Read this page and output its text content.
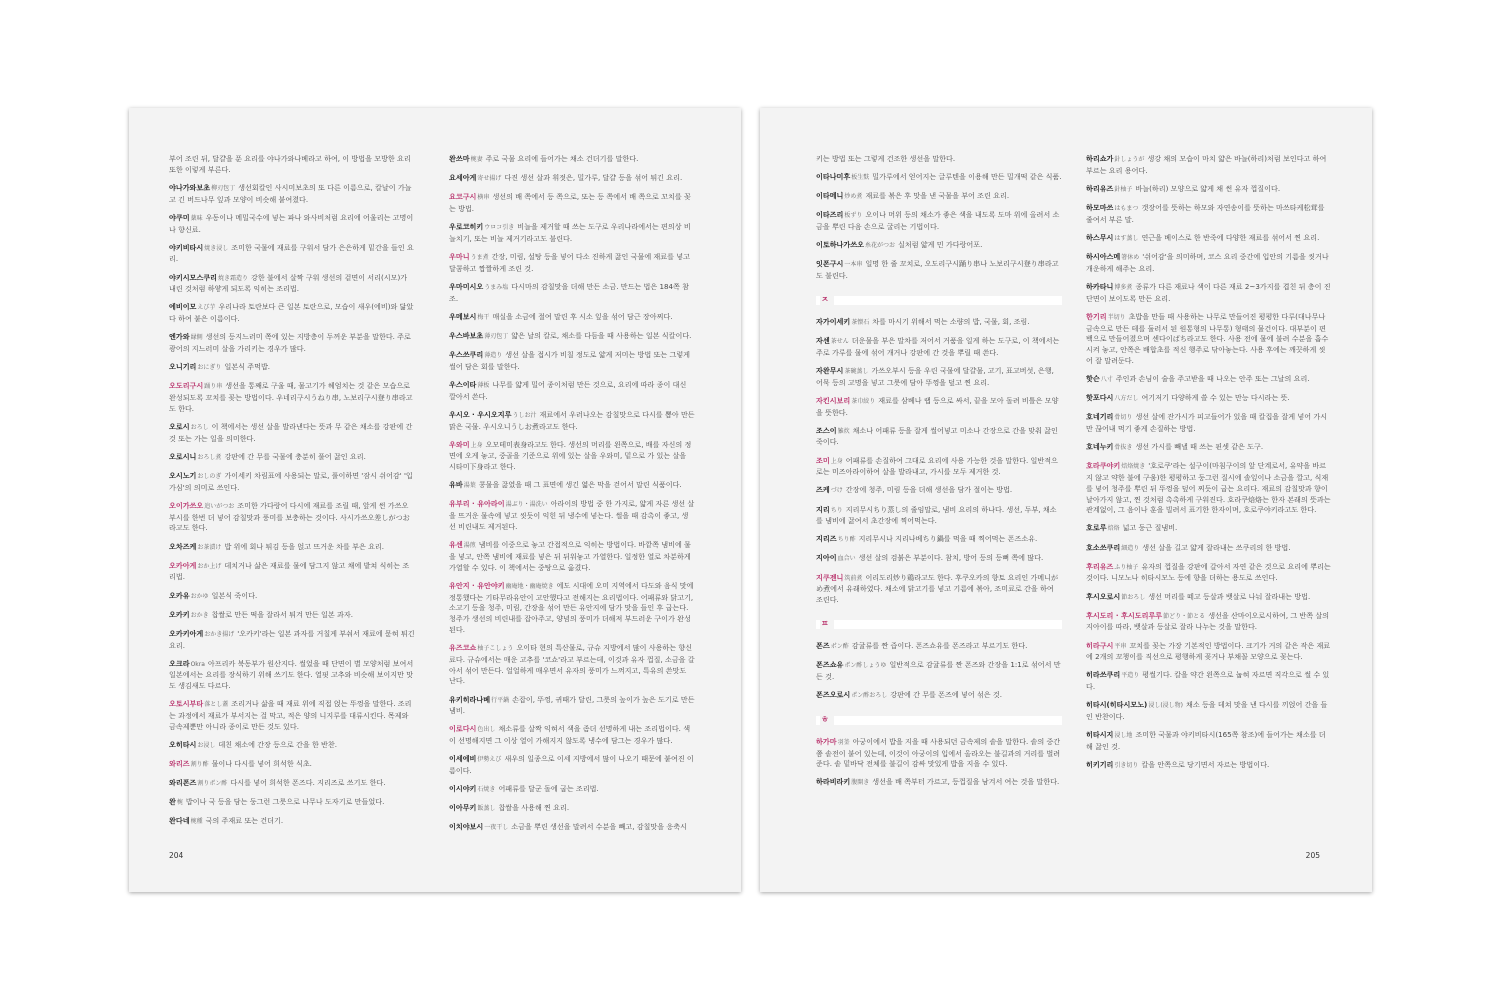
부어 조린 뒤, 달걀을 푼 요리를 야나가와나베라고 하여, 이 방법을 모방한 요리 또한 이렇게 부른다.

야나가와보초柳刃包丁 생선회칼인 사시미보초의 또 다른 이름으로, 칼날이 가늘고 긴 버드나무 잎과 모양이 비슷해 붙여졌다.

야쿠미薬味 우동이나 메밀국수에 넣는 파나 와사비처럼 요리에 어울리는 고명이나 향신료.

야키비타시焼き浸し 조미한 국물에 재료를 구워서 담가 은은하게 밑간을 들인 요리.

야키시모스쿠리焼き霜造り 강한 불에서 살짝 구워 생선의 겉면이 서리(시모)가 내린 것처럼 하얗게 되도록 익히는 조리법.

에비이모えび芋 우리나라 토란보다 큰 일본 토란으로, 모습이 새우(에비)와 닮았다 하여 붙은 이름이다.

엔가와縁側 생선의 등지느러미 쪽에 있는 지방층이 두꺼운 부분을 말한다. 주로 광어의 지느러미 살을 가리키는 경우가 많다.

오니기리おにぎり 일본식 주먹밥.

오도리구시踊り串 생선을 통째로 구울 때, 물고기가 헤엄치는 것 같은 모습으로 완성되도록 꼬치를 꽂는 방법이다. 우네리구시うねり串, 노보리구시登り串라고도 한다.

오로시おろし 이 책에서는 생선 살을 발라낸다는 뜻과 무 같은 채소를 강판에 간 것 또는 가는 일을 의미한다.

오로시니おろし煮 강판에 간 무를 국물에 충분히 풀어 끓인 요리.

오시노기おしのぎ 가이세키 차림표에 사용되는 말로, 풀이하면 '잠시 쉬어감' '입가심'의 의미로 쓰인다.

오이가쓰오追いがつお 조미한 가다랑어 다시에 재료를 조릴 때, 앞게 썬 가쓰오부시를 한번 더 넣어 감칠맛과 풍미를 보충하는 것이다. 사시가쓰오差しがつお라고도 한다.

오차즈케お茶漬け 밥 위에 회나 튀김 등을 얹고 뜨거운 차를 부은 요리.

오카아게おか上げ 데치거나 삶은 재료를 물에 담그지 않고 채에 밭쳐 식히는 조리법.

오카유おかゆ 일본식 죽이다.

오카키おかき 찹쌀로 만든 떡을 잘라서 튀겨 만든 일본 과자.

오카키아게おかき揚げ '오카키'라는 일본 과자를 거칠게 부숴서 재료에 묻혀 튀긴 요리.

오크라Okra 아프리카 북동부가 원산지다. 썰었을 때 단면이 별 모양처럼 보여서 일본에서는 요리를 장식하기 위해 쓰기도 한다. 열핏 고추와 비슷해 보이지만 맛도 생김새도 다르다.

오토시부타落とし蓋 조리거나 삶을 때 재료 위에 직접 얹는 뚜껑을 말한다. 조리는 과정에서 재료가 부서지는 걸 막고, 적은 양의 니지루를 대류시킨다. 목제와 금속제뿐만 아니라 종이로 만든 것도 있다.

오히타시お浸し 데친 채소에 간장 등으로 간을 한 반찬.

와리즈割り酢 물이나 다시를 넣어 희석한 식초.

와리폰즈割りポン酢 다시를 넣어 희석한 폰즈다. 지리즈로 쓰기도 한다.

완椀 밥이나 국 등을 담는 둥그런 그릇으로 나무나 도자기로 만들었다.

완다네椀種 국의 주재료 또는 건더기.

완쓰마椀妻 주로 국물 요리에 들어가는 채소 건더기를 말한다.

요세아게寄せ揚げ 다진 생선 살과 휘젓은, 밀가루, 달걀 등을 섞어 튀긴 요리.

요코구시横串 생선의 배 쪽에서 등 쪽으로, 또는 등 쪽에서 배 쪽으로 꼬치를 꽂는 방법.

우로코히키ウロコ引き 비늘을 제거할 때 쓰는 도구로 우리나라에서는 편의상 비늘치기, 또는 비늘 제거기라고도 불린다.

우마니うま煮 간장, 미림, 설탕 등을 넣어 다소 진하게 끓인 국물에 재료를 넣고 달콤하고 짭짤하게 조린 것.

우마미시오うまみ塩 다시마의 감칠맛을 더해 만든 소금. 만드는 법은 184쪽 참조.

우메보시梅干 매실을 소금에 절여 말린 후 시소 잎을 섞어 담근 장아찌다.

우스바보초薄刃包丁 얇은 날의 칼로, 채소를 다듬을 때 사용하는 일본 식칼이다.

우스쓰쿠리薄造り 생선 살을 접시가 비칠 정도로 얇게 저미는 방법 또는 그렇게 썰어 담은 회를 말한다.

우스이타薄板 나무를 얇게 밀어 종이처럼 만든 것으로, 요리에 따라 종이 대신 깔아서 쓴다.

우시오 · 우시오지루うしお汁 재료에서 우러나오는 감칠맛으로 다시를 뽑아 만든 맑은 국물. 우시오니うしお煮라고도 한다.

우와미上身 오모테미表身라고도 한다. 생선의 머리를 왼쪽으로, 배를 자신의 정면에 오게 놓고, 중골을 기준으로 위에 있는 살을 우와미, 밑으로 가 있는 살을 시타미下身라고 한다.

유바湯葉 콩물을 끓였을 때 그 표면에 생긴 엷은 막을 걷어서 말린 식품이다.

유부리 · 유아라이湯ぶり・湯洗い 아라이의 방법 중 한 가지로, 얇게 자른 생선 살을 뜨거운 물속에 넣고 씻듯이 익힌 뒤 냉수에 넣는다. 썰을 때 감촉이 좋고, 생선 비린내도 제거된다.

유센湯煎 냄비를 이중으로 놓고 간접적으로 익히는 방법이다. 바깥쪽 냄비에 물을 넣고, 안쪽 냄비에 재료를 넣은 뒤 뒤워놓고 가열한다. 일정한 열로 차분하게 가열할 수 있다. 이 책에서는 중탕으로 옮겼다.

유안지 · 유안야키幽庵地・幽庵焼き 에도 시대에 오미 지역에서 다도와 음식 맛에 정통했다는 기타무라유안이 고안했다고 전해지는 요리법이다. 어패류와 닭고기, 소고기 등을 청주, 미림, 간장을 섞어 만든 유안지에 담가 맛을 들인 후 굽는다. 청주가 생선의 비린내를 잡아주고, 양념의 풍미가 더해져 부드러운 구이가 완성된다.

유즈코쇼柚子こしょう 오이타 현의 특산물로, 규슈 지방에서 많이 사용하는 향신료다. 규슈에서는 매운 고추를 '코쇼'라고 부르는데, 이것과 유자 껍질, 소금을 갈아서 섞어 만든다. 얼얼하게 매우면서 유자의 풍미가 느껴지고, 특유의 쓴맛도 난다.

유키히라나베行平鍋 손잡이, 뚜껑, 귀때가 달린, 그릇의 높이가 높은 도기로 만든 냄비.

이로다시色出し 채소류를 살짝 익혀서 색을 좀더 선명하게 내는 조리법이다. 색이 선명해지면 그 이상 열이 가해지지 않도록 냉수에 담그는 경우가 많다.

이세에비伊勢えび 새우의 일종으로 이세 지방에서 많이 나오기 때문에 붙여진 이름이다.

이시야키石焼き 어패류를 달군 돌에 굽는 조리법.

이아무키飯蒸し 찹쌀을 사용해 찐 요리.

이치야보시一夜干し 소금을 뿌린 생선을 말려서 수분을 빼고, 감칠맛을 응축시

204

키는 방법 또는 그렇게 건조한 생선을 말한다.

이타나미후板生麩 밀가루에서 얻어지는 글루텐을 이용해 만든 밀개떡 같은 식품.

이타메니炒め煮 재료를 볶은 후 맛을 낸 국물을 부어 조린 요리.

이타즈리板ずり 오이나 머위 등의 채소가 좋은 색을 내도록 도마 위에 올려서 소금을 뿌린 다음 손으로 굴리는 기법이다.

이토하나가쓰오糸花がつお 실처럼 얇게 민 가다랑어포.

잇폰구시一本串 일명 한 줄 꼬치로, 오도리구시踊り串나 노보리구시登り串라고도 불린다.

ㅈ

자가이세키茶懐石 차를 마시기 위해서 먹는 소량의 밥, 국물, 회, 조림.

자센茶せん 더운물을 부은 말차를 저어서 거품을 일게 하는 도구로, 이 책에서는 주로 가루를 물에 섞어 개거나 강판에 간 것을 뿌릴 때 쓴다.

자완무시茶碗蒸し 가쓰오부시 등을 우린 국물에 달걀물, 고기, 표고버섯, 은행, 어묵 등의 고명을 넣고 그릇에 담아 뚜껑을 덮고 찐 요리.

자킨시보리茶巾絞り 재료를 삼베나 랩 등으로 싸서, 끝을 모아 돌려 비틀은 모양을 뜻한다.

조스이雑炊 채소나 어패류 등을 잘게 썰어넣고 미소나 간장으로 간을 맞춰 끓인 죽이다.

조미上身 어패류를 손질하여 그대로 요리에 사용 가능한 것을 말한다. 일반적으로는 미즈아라이하여 살을 발라내고, 가시를 모두 제거한 것.

즈케づけ 간장에 청주, 미림 등을 더해 생선을 담가 절이는 방법.

지리ちり 지리무시ちり蒸し의 줄임말로, 냄비 요리의 하나다. 생선, 두부, 채소를 냄비에 끓여서 초간장에 찍어먹는다.

지리즈ちり酢 지리무시나 지리나베ちり鍋를 먹을 때 찍어먹는 폰즈소유.

지아이血合い 생선 살의 검붉은 부분이다. 참치, 방어 등의 등뼈 쪽에 많다.

지쿠젠니筑前煮 이리도리炒り鶏라고도 한다. 후쿠오카의 향토 요리인 가메니がめ煮에서 유래하였다. 채소에 닭고기를 넣고 기름에 볶아, 조미료로 간을 하여 조린다.

ㅍ

폰즈ポン酢 감귤류를 짠 즙이다. 폰즈쇼유를 폰즈라고 부르기도 한다.

폰즈쇼유ポン酢しょうゆ 일반적으로 감귤류를 짠 폰즈와 간장을 1:1로 섞어서 만든 것.

폰즈오로시ポン酢おろし 강판에 간 무를 폰즈에 넣어 섞은 것.

ㅎ

하가마羽釜 아궁이에서 밥을 지을 때 사용되던 금속제의 솥을 말한다. 솥의 중간쯤 솥전이 붙어 있는데, 이것이 아궁이의 입에서 올라오는 불길과의 거리를 벌려준다. 솥 밑바닥 전체를 불길이 감싸 맛있게 밥을 지을 수 있다.

하라비라키腹開き 생선을 배 쪽부터 가르고, 등껍질을 남겨서 여는 것을 말한다.

하리쇼가針しょうが 생강 채의 모습이 마치 얇은 바늘(하리)처럼 보인다고 하여 부르는 요리 용어다.

하리유즈針柚子 바늘(하리) 모양으로 얇게 채 썬 유자 껍질이다.

하모마쓰はもまつ 갯장어를 뜻하는 하모와 자연송이를 뜻하는 마쓰타케松茸를 줄여서 부른 말.

하스무시はす蒸し 연근을 베이스로 한 반죽에 다양한 재료를 섞어서 찐 요리.

하시아스메箸休め '쉬어감'을 의미하며, 코스 요리 중간에 입안의 기름을 씻거나 개운하게 해주는 요리.

하카타니博多煮 종류가 다른 재료나 색이 다른 재료 2~3가지를 겹친 뒤 층이 진 단면이 보이도록 만든 요리.

한기리半切り 초밥을 만들 때 사용하는 나무로 만들어진 평평한 다루(대나무나 금속으로 만든 테를 둘러서 된 원통형의 나무통) 형태의 물건이다. 대부분이 편백으로 만들어졌으며 센다이ばち라고도 한다. 사용 전에 물에 불려 수분을 흡수시켜 놓고, 안쪽은 배합초를 적신 행주로 닦아놓는다. 사용 후에는 깨끗하게 씻어 잘 말려둔다.

핫슨八寸 주인과 손님이 술을 주고받을 때 나오는 안주 또는 그날의 요리.

핫포다시八方だし 여기저기 다양하게 쓸 수 있는 만능 다시라는 뜻.

호네기리骨切り 생선 살에 잔가시가 피고들어가 있을 때 칼집을 잘게 넣어 가시만 끊어내 먹기 좋게 손질하는 방법.

호네누키骨抜き 생선 가시를 빼낼 때 쓰는 핀셋 같은 도구.

호라쿠야키焙烙焼き '호로쿠'라는 설구이(마침구이의 앞 단계로서, 유약을 바르지 않고 약한 불에 구움)한 평평하고 둥그런 질시에 솔잎이나 소금을 깔고, 식재를 넣어 청주를 뿌린 뒤 뚜껑을 덮어 찌듯이 굽는 요리다. 재료의 감칠맛과 향이 날아가지 않고, 찐 것처럼 촉촉하게 구워진다. 호라쿠焙烙는 한자 본래의 뜻과는 관계없이, 그 음이나 훈을 빌려서 표기한 한자이며, 호로쿠야키라고도 한다.

호로루焙烙 넓고 둥근 질냄비.

호소쓰쿠리細造り 생선 살을 길고 얇게 잘라내는 쓰쿠리의 한 방법.

후리유즈ふり柚子 유자의 껍질을 강판에 갈아서 자연 같은 것으로 요리에 뿌리는 것이다. 니모노나 히타시모노 등에 향을 더하는 용도로 쓰인다.

후시오로시節おろし 생선 머리를 떼고 등살과 뱃살로 나눠 잘라내는 방법.

후시도리 · 후시도리루루節どり・節とる 생선을 산마이오로시하여, 그 반쪽 살의 지아이를 따라, 뱃살과 등살로 잘라 나누는 것을 말한다.

히라구시平串 꼬치를 꽂는 가장 기본적인 방법이다. 크기가 거의 같은 작은 재료에 2개의 꼬챙이를 직선으로 평행하게 꽂거나 부채꼴 모양으로 꽂는다.

히라쓰쿠리平造り 평썰기다. 칼을 약간 왼쪽으로 눕혀 자르면 직각으로 썰 수 있다.

히타시(히타시모노)浸し(浸し物) 채소 등을 데쳐 맛을 낸 다시를 끼얹어 간을 들인 반찬이다.

히타시지浸し地 조미한 국물과 야키비타시(165쪽 참조)에 들어가는 채소를 더해 끓인 것.

히키기리引き切り 칼을 안쪽으로 당기면서 자르는 방법이다.

205
